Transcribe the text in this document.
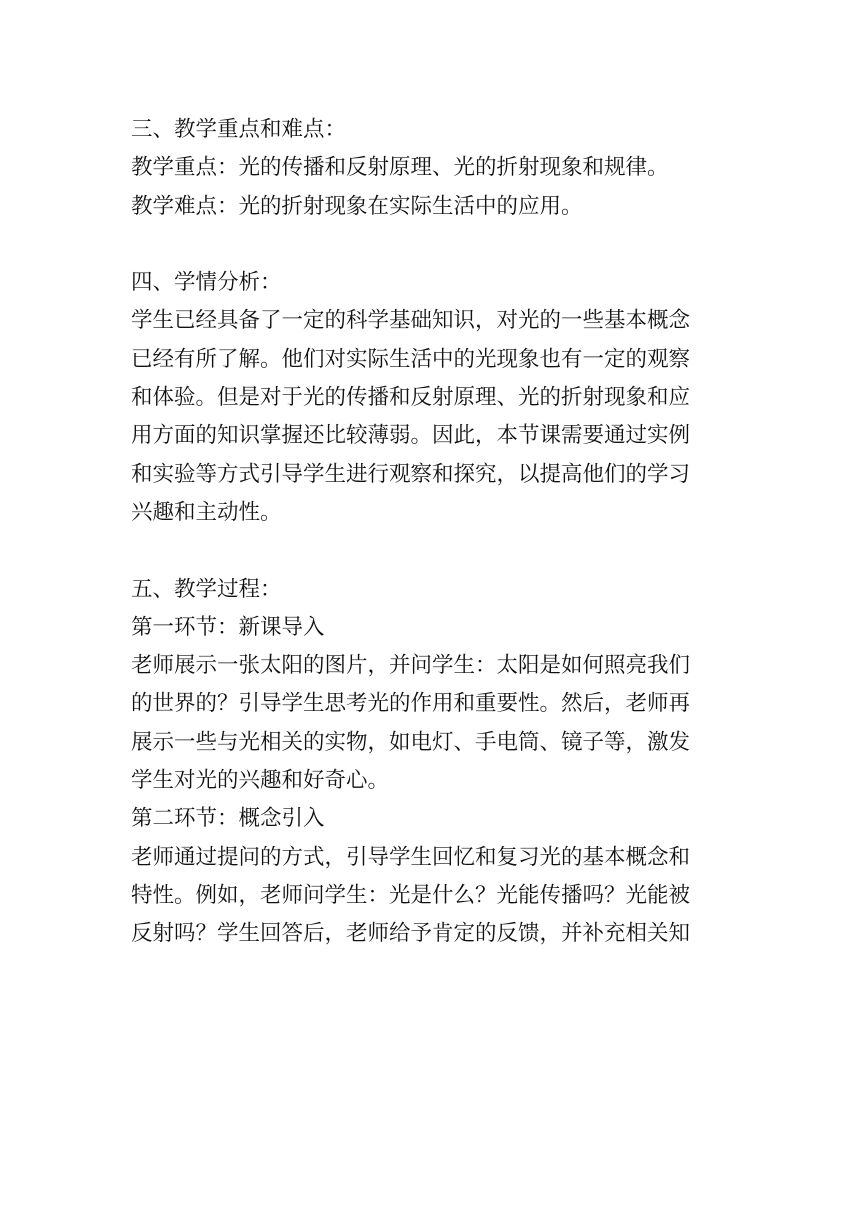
三、教学重点和难点：
教学重点：光的传播和反射原理、光的折射现象和规律。
教学难点：光的折射现象在实际生活中的应用。
四、学情分析：
学生已经具备了一定的科学基础知识，对光的一些基本概念
已经有所了解。他们对实际生活中的光现象也有一定的观察
和体验。但是对于光的传播和反射原理、光的折射现象和应
用方面的知识掌握还比较薄弱。因此，本节课需要通过实例
和实验等方式引导学生进行观察和探究，以提高他们的学习
兴趣和主动性。
五、教学过程：
第一环节：新课导入
老师展示一张太阳的图片，并问学生：太阳是如何照亮我们
的世界的？引导学生思考光的作用和重要性。然后，老师再
展示一些与光相关的实物，如电灯、手电筒、镜子等，激发
学生对光的兴趣和好奇心。
第二环节：概念引入
老师通过提问的方式，引导学生回忆和复习光的基本概念和
特性。例如，老师问学生：光是什么？光能传播吗？光能被
反射吗？学生回答后，老师给予肯定的反馈，并补充相关知
